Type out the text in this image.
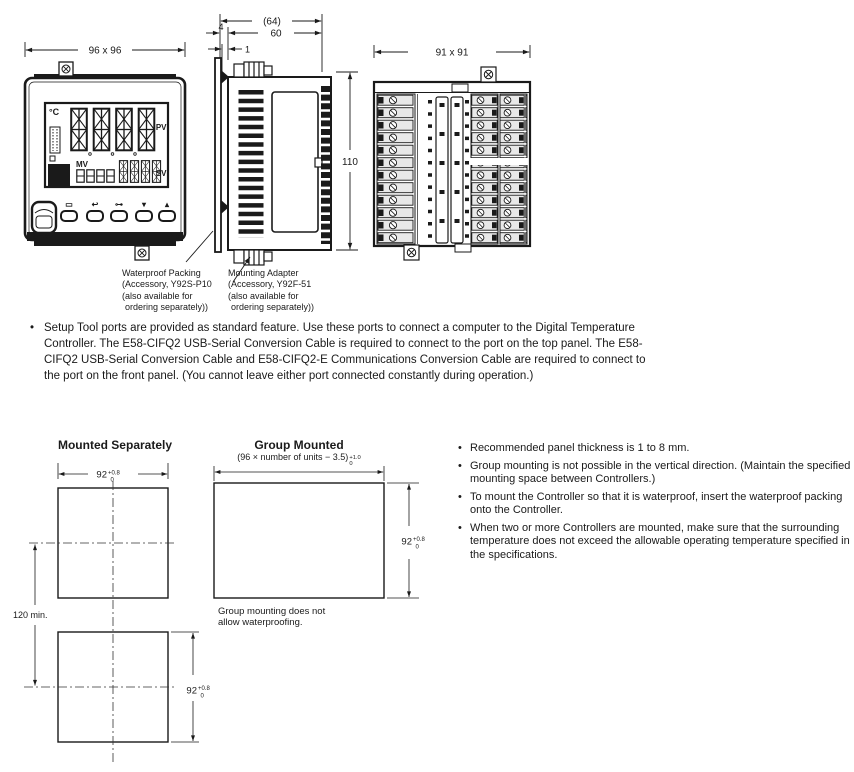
96 x 96
°C
PV
MV
SV
▭ ↩ ⊶ ▾ ▴
omron	E5AC
(64)
60
4
1
110
91 x 91
Waterproof Packing
(Accessory, Y92S-P10
(also available for
ordering separately))
Mounting Adapter
(Accessory, Y92F-51
(also available for
ordering separately))
• Setup Tool ports are provided as standard feature. Use these ports to connect a computer to the Digital Temperature Controller. The E58-CIFQ2 USB-Serial Conversion Cable is required to connect to the port on the top panel. The E58-CIFQ2 USB-Serial Conversion Cable and E58-CIFQ2-E Communications Conversion Cable are required to connect to the port on the front panel. (You cannot leave either port connected constantly during operation.)
Mounted Separately	Group Mounted
(96 × number of units − 3.5) +1.0
0
92 +0.8
0
120 min.
92 +0.8
0
92 +0.8
0
Group mounting does not
allow waterproofing.
• Recommended panel thickness is 1 to 8 mm.
• Group mounting is not possible in the vertical direction. (Maintain the specified mounting space between Controllers.)
• To mount the Controller so that it is waterproof, insert the waterproof packing onto the Controller.
• When two or more Controllers are mounted, make sure that the surrounding temperature does not exceed the allowable operating temperature specified in the specifications.
